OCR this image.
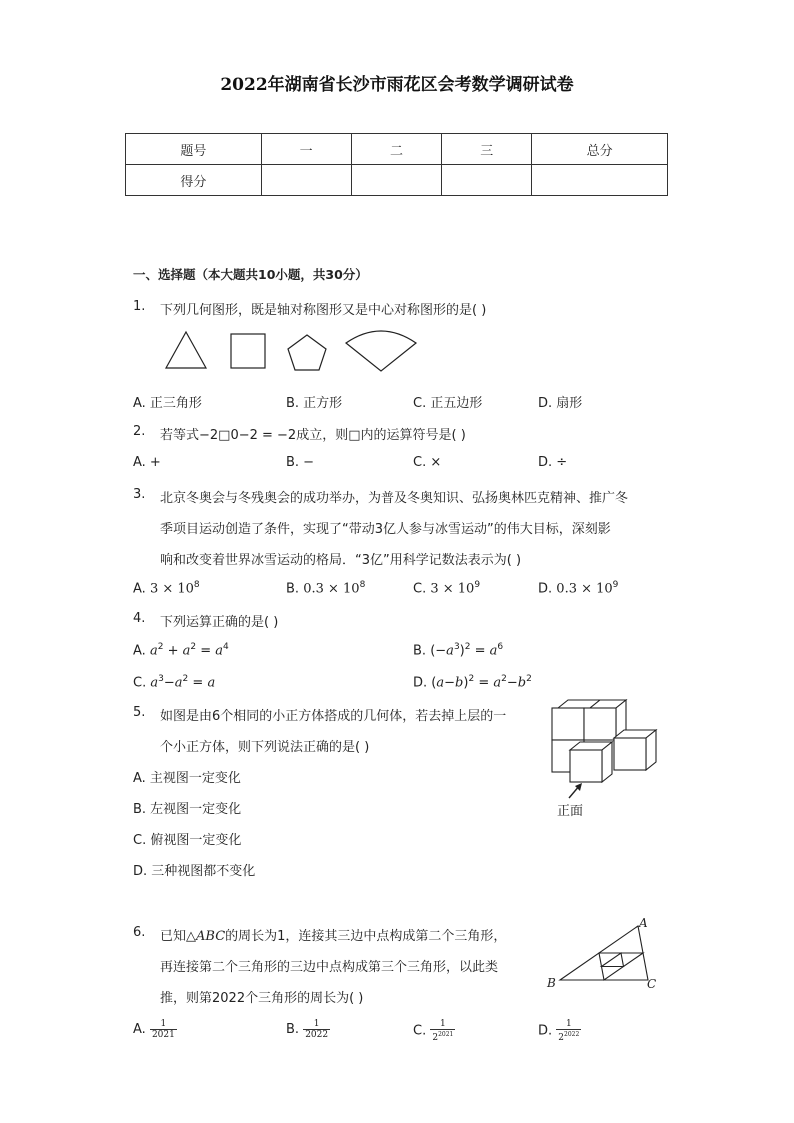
2022年湖南省长沙市雨花区会考数学调研试卷
题号	一	二	三	总分
得分				
一、选择题（本大题共10小题，共30分）
1. 下列几何图形，既是轴对称图形又是中心对称图形的是( )
A. 正三角形	B. 正方形	C. 正五边形	D. 扇形
2. 若等式−2□0−2 = −2成立，则□内的运算符号是( )
A. +	B. −	C. ×	D. ÷
3. 北京冬奥会与冬残奥会的成功举办，为普及冬奥知识、弘扬奥林匹克精神、推广冬
季项目运动创造了条件，实现了“带动3亿人参与冰雪运动”的伟大目标，深刻影
响和改变着世界冰雪运动的格局．“3亿”用科学记数法表示为( )
A. $3 \times 10^8$	B. $0.3 \times 10^8$	C. $3 \times 10^9$	D. $0.3 \times 10^9$
4. 下列运算正确的是( )
A. $a^2 + a^2 = a^4$	B. $(-a^3)^2 = a^6$
C. $a^3-a^2 = a$	D. $(a-b)^2 = a^2-b^2$
5. 如图是由6个相同的小正方体搭成的几何体，若去掉上层的一
个小正方体，则下列说法正确的是( )
A. 主视图一定变化
B. 左视图一定变化
C. 俯视图一定变化
D. 三种视图都不变化
正面
6. 已知△ABC的周长为1，连接其三边中点构成第二个三角形，
再连接第二个三角形的三边中点构成第三个三角形，以此类
推，则第2022个三角形的周长为( )
A
B	C
A. $\frac{1}{2021}$	B. $\frac{1}{2022}$	C. $\frac{1}{2^{2021}}$	D. $\frac{1}{2^{2022}}$
